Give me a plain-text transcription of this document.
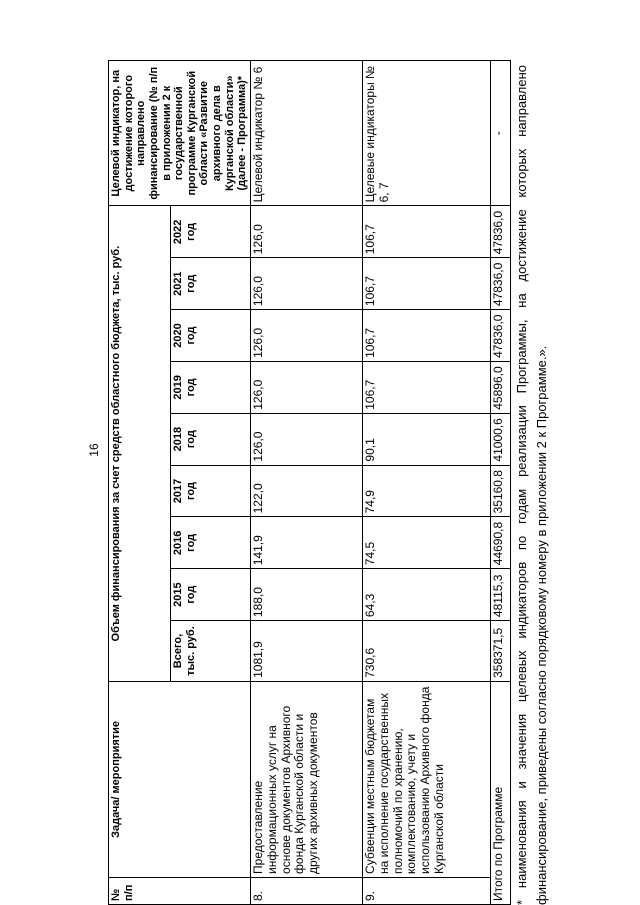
16
№ п/п	Задача/ мероприятие	Объем финансирования за счет средств областного бюджета, тыс. руб.									Целевой индикатор, на достижение которого направлено финансирование (№ п/п в приложении 2 к государственной программе Курганской области «Развитие архивного дела в Курганской области» (далее - Программа)*
		Всего, тыс. руб.	2015 год	2016 год	2017 год	2018 год	2019 год	2020 год	2021 год	2022 год	
8.	Предоставление информационных услуг на основе документов Архивного фонда Курганской области и других архивных документов	1081,9	188,0	141,9	122,0	126,0	126,0	126,0	126,0	126,0	Целевой индикатор № 6
9.	Субвенции местным бюджетам на исполнение государственных полномочий по хранению, комплектованию, учету и использованию Архивного фонда Курганской области	730,6	64,3	74,5	74,9	90,1	106,7	106,7	106,7	106,7	Целевые индикаторы № 6, 7
Итого по Программе		358371,5	48115,3	44690,8	35160,8	41000,6	45896,0	47836,0	47836,0	47836,0	- * наименования и значения целевых индикаторов по годам реализации Программы, на достижение которых направлено финансирование, приведены согласно порядковому номеру в приложении 2 к Программе.».
